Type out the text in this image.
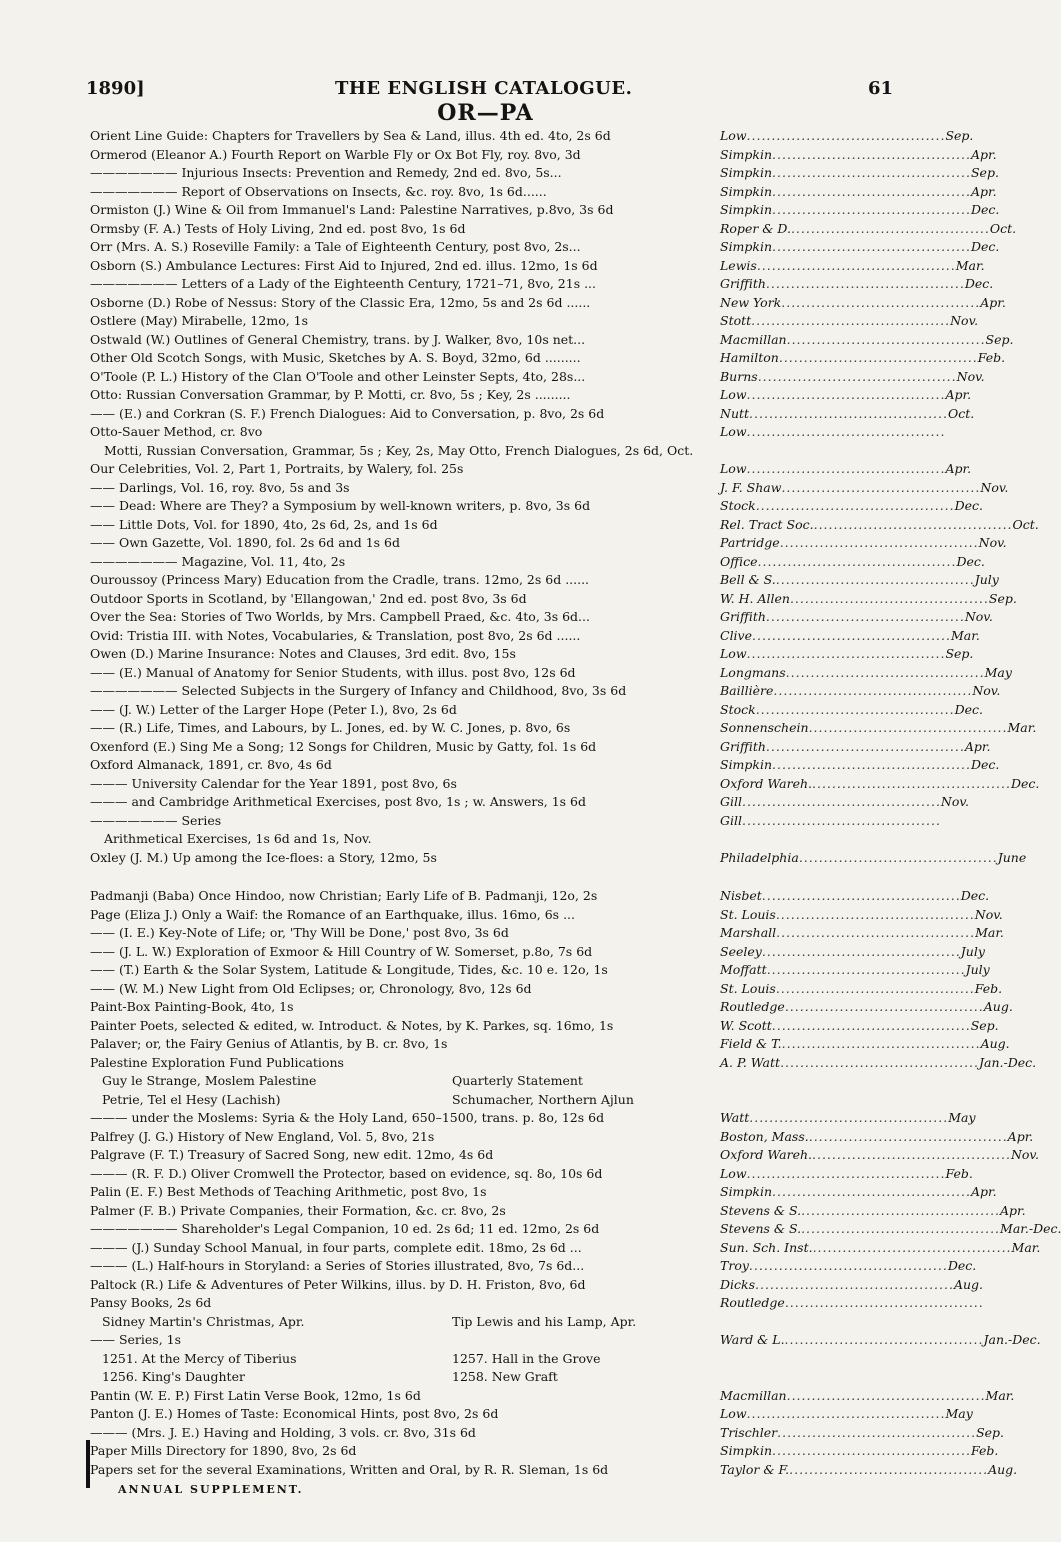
1890]	THE ENGLISH CATALOGUE.	61
OR—PA
Orient Line Guide: Chapters for Travellers by Sea & Land, illus. 4th ed. 4to, 2s 6d	Low ........................................ Sep.
Ormerod (Eleanor A.) Fourth Report on Warble Fly or Ox Bot Fly, roy. 8vo, 3d	Simpkin ........................................ Apr.
——————— Injurious Insects: Prevention and Remedy, 2nd ed. 8vo, 5s...	Simpkin ........................................ Sep.
——————— Report of Observations on Insects, &c. roy. 8vo, 1s 6d......	Simpkin ........................................ Apr.
Ormiston (J.) Wine & Oil from Immanuel's Land: Palestine Narratives, p.8vo, 3s 6d	Simpkin ........................................ Dec.
Ormsby (F. A.) Tests of Holy Living, 2nd ed. post 8vo, 1s 6d	Roper & D. ........................................ Oct.
Orr (Mrs. A. S.) Roseville Family: a Tale of Eighteenth Century, post 8vo, 2s...	Simpkin ........................................ Dec.
Osborn (S.) Ambulance Lectures: First Aid to Injured, 2nd ed. illus. 12mo, 1s 6d	Lewis ........................................ Mar.
——————— Letters of a Lady of the Eighteenth Century, 1721–71, 8vo, 21s ...	Griffith ........................................ Dec.
Osborne (D.) Robe of Nessus: Story of the Classic Era, 12mo, 5s and 2s 6d ......	New York ........................................ Apr.
Ostlere (May) Mirabelle, 12mo, 1s	Stott ........................................ Nov.
Ostwald (W.) Outlines of General Chemistry, trans. by J. Walker, 8vo, 10s net...	Macmillan ........................................ Sep.
Other Old Scotch Songs, with Music, Sketches by A. S. Boyd, 32mo, 6d .........	Hamilton ........................................ Feb.
O'Toole (P. L.) History of the Clan O'Toole and other Leinster Septs, 4to, 28s...	Burns ........................................ Nov.
Otto: Russian Conversation Grammar, by P. Motti, cr. 8vo, 5s ; Key, 2s .........	Low ........................................ Apr.
—— (E.) and Corkran (S. F.) French Dialogues: Aid to Conversation, p. 8vo, 2s 6d	Nutt ........................................ Oct.
Otto-Sauer Method, cr. 8vo	Low ........................................
Motti, Russian Conversation, Grammar, 5s ; Key, 2s, May Otto, French Dialogues, 2s 6d, Oct.
Our Celebrities, Vol. 2, Part 1, Portraits, by Walery, fol. 25s	Low ........................................ Apr.
—— Darlings, Vol. 16, roy. 8vo, 5s and 3s	J. F. Shaw ........................................ Nov.
—— Dead: Where are They? a Symposium by well-known writers, p. 8vo, 3s 6d	Stock ........................................ Dec.
—— Little Dots, Vol. for 1890, 4to, 2s 6d, 2s, and 1s 6d	Rel. Tract Soc. ........................................ Oct.
—— Own Gazette, Vol. 1890, fol. 2s 6d and 1s 6d	Partridge ........................................ Nov.
——————— Magazine, Vol. 11, 4to, 2s	Office ........................................ Dec.
Ouroussoy (Princess Mary) Education from the Cradle, trans. 12mo, 2s 6d ......	Bell & S. ........................................ July
Outdoor Sports in Scotland, by 'Ellangowan,' 2nd ed. post 8vo, 3s 6d	W. H. Allen ........................................ Sep.
Over the Sea: Stories of Two Worlds, by Mrs. Campbell Praed, &c. 4to, 3s 6d...	Griffith ........................................ Nov.
Ovid: Tristia III. with Notes, Vocabularies, & Translation, post 8vo, 2s 6d ......	Clive ........................................ Mar.
Owen (D.) Marine Insurance: Notes and Clauses, 3rd edit. 8vo, 15s	Low ........................................ Sep.
—— (E.) Manual of Anatomy for Senior Students, with illus. post 8vo, 12s 6d	Longmans ........................................ May
——————— Selected Subjects in the Surgery of Infancy and Childhood, 8vo, 3s 6d	Baillière ........................................ Nov.
—— (J. W.) Letter of the Larger Hope (Peter I.), 8vo, 2s 6d	Stock ........................................ Dec.
—— (R.) Life, Times, and Labours, by L. Jones, ed. by W. C. Jones, p. 8vo, 6s	Sonnenschein ........................................ Mar.
Oxenford (E.) Sing Me a Song; 12 Songs for Children, Music by Gatty, fol. 1s 6d	Griffith ........................................ Apr.
Oxford Almanack, 1891, cr. 8vo, 4s 6d	Simpkin ........................................ Dec.
——— University Calendar for the Year 1891, post 8vo, 6s	Oxford Wareh. ........................................ Dec.
——— and Cambridge Arithmetical Exercises, post 8vo, 1s ; w. Answers, 1s 6d	Gill ........................................ Nov.
——————— Series	Gill ........................................
Arithmetical Exercises, 1s 6d and 1s, Nov.
Oxley (J. M.) Up among the Ice-floes: a Story, 12mo, 5s	Philadelphia ........................................ June
Padmanji (Baba) Once Hindoo, now Christian; Early Life of B. Padmanji, 12o, 2s	Nisbet ........................................ Dec.
Page (Eliza J.) Only a Waif: the Romance of an Earthquake, illus. 16mo, 6s ...	St. Louis ........................................ Nov.
—— (I. E.) Key-Note of Life; or, 'Thy Will be Done,' post 8vo, 3s 6d	Marshall ........................................ Mar.
—— (J. L. W.) Exploration of Exmoor & Hill Country of W. Somerset, p.8o, 7s 6d	Seeley ........................................ July
—— (T.) Earth & the Solar System, Latitude & Longitude, Tides, &c. 10 e. 12o, 1s	Moffatt ........................................ July
—— (W. M.) New Light from Old Eclipses; or, Chronology, 8vo, 12s 6d	St. Louis ........................................ Feb.
Paint-Box Painting-Book, 4to, 1s	Routledge ........................................ Aug.
Painter Poets, selected & edited, w. Introduct. & Notes, by K. Parkes, sq. 16mo, 1s	W. Scott ........................................ Sep.
Palaver; or, the Fairy Genius of Atlantis, by B. cr. 8vo, 1s	Field & T. ........................................ Aug.
Palestine Exploration Fund Publications	A. P. Watt ........................................ Jan.-Dec.
Guy le Strange, Moslem Palestine	Quarterly Statement
Petrie, Tel el Hesy (Lachish)	Schumacher, Northern Ajlun
——— under the Moslems: Syria & the Holy Land, 650–1500, trans. p. 8o, 12s 6d	Watt ........................................ May
Palfrey (J. G.) History of New England, Vol. 5, 8vo, 21s	Boston, Mass. ........................................ Apr.
Palgrave (F. T.) Treasury of Sacred Song, new edit. 12mo, 4s 6d	Oxford Wareh. ........................................ Nov.
——— (R. F. D.) Oliver Cromwell the Protector, based on evidence, sq. 8o, 10s 6d	Low ........................................ Feb.
Palin (E. F.) Best Methods of Teaching Arithmetic, post 8vo, 1s	Simpkin ........................................ Apr.
Palmer (F. B.) Private Companies, their Formation, &c. cr. 8vo, 2s	Stevens & S. ........................................ Apr.
——————— Shareholder's Legal Companion, 10 ed. 2s 6d; 11 ed. 12mo, 2s 6d	Stevens & S. ........................................ Mar.-Dec.
——— (J.) Sunday School Manual, in four parts, complete edit. 18mo, 2s 6d ...	Sun. Sch. Inst. ........................................ Mar.
——— (L.) Half-hours in Storyland: a Series of Stories illustrated, 8vo, 7s 6d...	Troy ........................................ Dec.
Paltock (R.) Life & Adventures of Peter Wilkins, illus. by D. H. Friston, 8vo, 6d	Dicks ........................................ Aug.
Pansy Books, 2s 6d	Routledge ........................................
Sidney Martin's Christmas, Apr.	Tip Lewis and his Lamp, Apr.
—— Series, 1s	Ward & L. ........................................ Jan.-Dec.
1251. At the Mercy of Tiberius	1257. Hall in the Grove
1256. King's Daughter	1258. New Graft
Pantin (W. E. P.) First Latin Verse Book, 12mo, 1s 6d	Macmillan ........................................ Mar.
Panton (J. E.) Homes of Taste: Economical Hints, post 8vo, 2s 6d	Low ........................................ May
——— (Mrs. J. E.) Having and Holding, 3 vols. cr. 8vo, 31s 6d	Trischler ........................................ Sep.
Paper Mills Directory for 1890, 8vo, 2s 6d	Simpkin ........................................ Feb.
Papers set for the several Examinations, Written and Oral, by R. R. Sleman, 1s 6d	Taylor & F. ........................................ Aug.
ANNUAL SUPPLEMENT.
